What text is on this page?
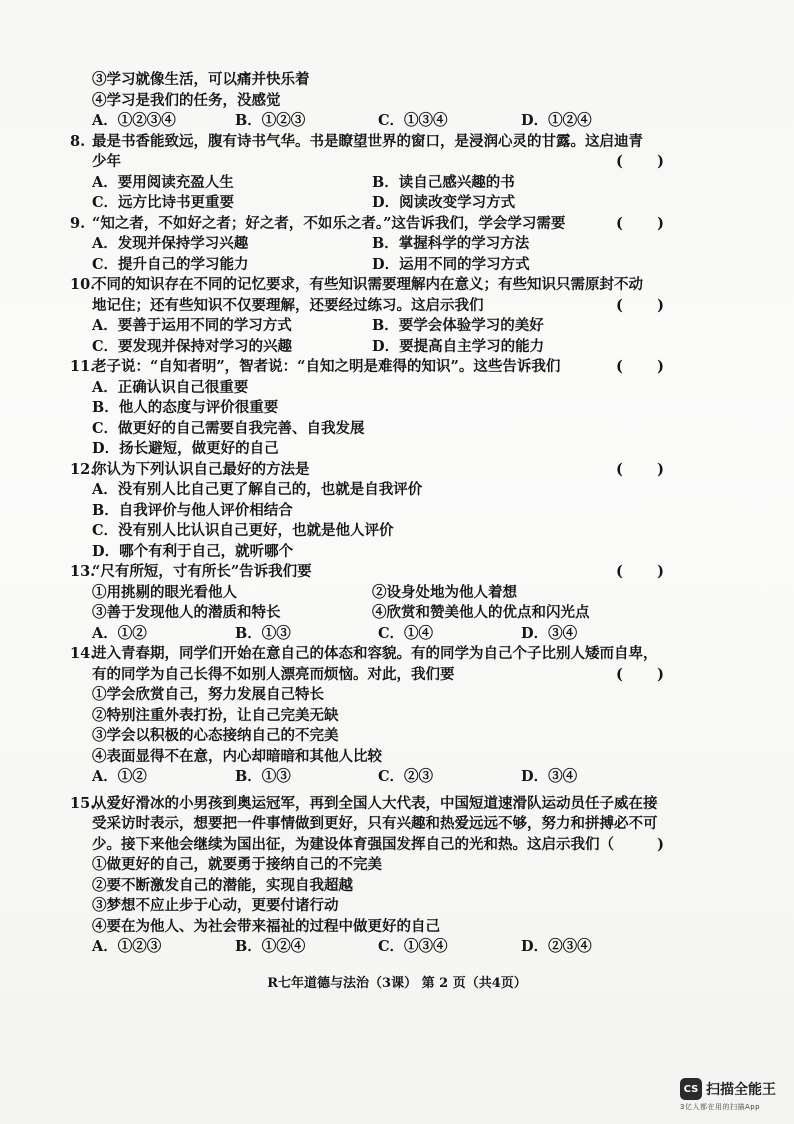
③学习就像生活，可以痛并快乐着
④学习是我们的任务，没感觉
A．①②③④	B．①②③	C．①③④	D．①②④
8. 最是书香能致远，腹有诗书气华。书是瞭望世界的窗口，是浸润心灵的甘露。这启迪青
少年	( )
A．要用阅读充盈人生	B．读自己感兴趣的书
C．远方比诗书更重要	D．阅读改变学习方式
9. “知之者，不如好之者；好之者，不如乐之者。”这告诉我们，学会学习需要	( )
A．发现并保持学习兴趣	B．掌握科学的学习方法
C．提升自己的学习能力	D．运用不同的学习方式
10.不同的知识存在不同的记忆要求，有些知识需要理解内在意义；有些知识只需原封不动
地记住；还有些知识不仅要理解，还要经过练习。这启示我们	( )
A．要善于运用不同的学习方式	B．要学会体验学习的美好
C．要发现并保持对学习的兴趣	D．要提高自主学习的能力
11.老子说：“自知者明”，智者说：“自知之明是难得的知识”。这些告诉我们	( )
A．正确认识自己很重要
B．他人的态度与评价很重要
C．做更好的自己需要自我完善、自我发展
D．扬长避短，做更好的自己
12.你认为下列认识自己最好的方法是	( )
A．没有别人比自己更了解自己的，也就是自我评价
B．自我评价与他人评价相结合
C．没有别人比认识自己更好，也就是他人评价
D．哪个有利于自己，就听哪个
13.“尺有所短，寸有所长”告诉我们要	( )
①用挑剔的眼光看他人	②设身处地为他人着想
③善于发现他人的潜质和特长	④欣赏和赞美他人的优点和闪光点
A．①②	B．①③	C．①④	D．③④
14.进入青春期，同学们开始在意自己的体态和容貌。有的同学为自己个子比别人矮而自卑，
有的同学为自己长得不如别人漂亮而烦恼。对此，我们要	( )
①学会欣赏自己，努力发展自己特长
②特别注重外表打扮，让自己完美无缺
③学会以积极的心态接纳自己的不完美
④表面显得不在意，内心却暗暗和其他人比较
A．①②	B．①③	C．②③	D．③④
15.从爱好滑冰的小男孩到奥运冠军，再到全国人大代表，中国短道速滑队运动员任子威在接
受采访时表示，想要把一件事情做到更好，只有兴趣和热爱远远不够，努力和拼搏必不可
少。接下来他会继续为国出征，为建设体育强国发挥自己的光和热。这启示我们（	)
①做更好的自己，就要勇于接纳自己的不完美
②要不断激发自己的潜能，实现自我超越
③梦想不应止步于心动，更要付诸行动
④要在为他人、为社会带来福祉的过程中做更好的自己
A．①②③	B．①②④	C．①③④	D．②③④
R七年道德与法治（3课） 第 2 页（共4页）
CS 扫描全能王
3亿人都在用的扫描App
